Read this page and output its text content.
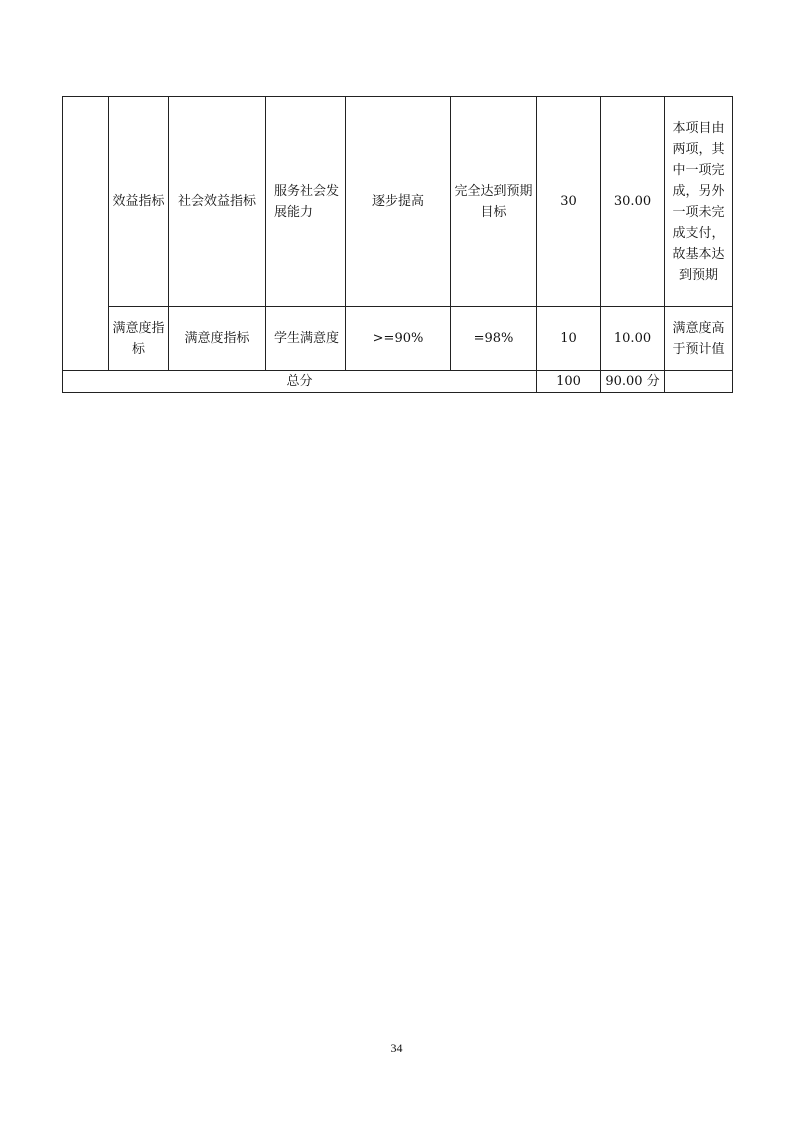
	效益指标	社会效益指标	服务社会发展能力	逐步提高	完全达到预期目标	30	30.00	本项目由两项，其中一项完成，另外一项未完成支付，故基本达到预期
	满意度指标	满意度指标	学生满意度	>=90%	=98%	10	10.00	满意度高于预计值
总分						100	90.00 分	
34
